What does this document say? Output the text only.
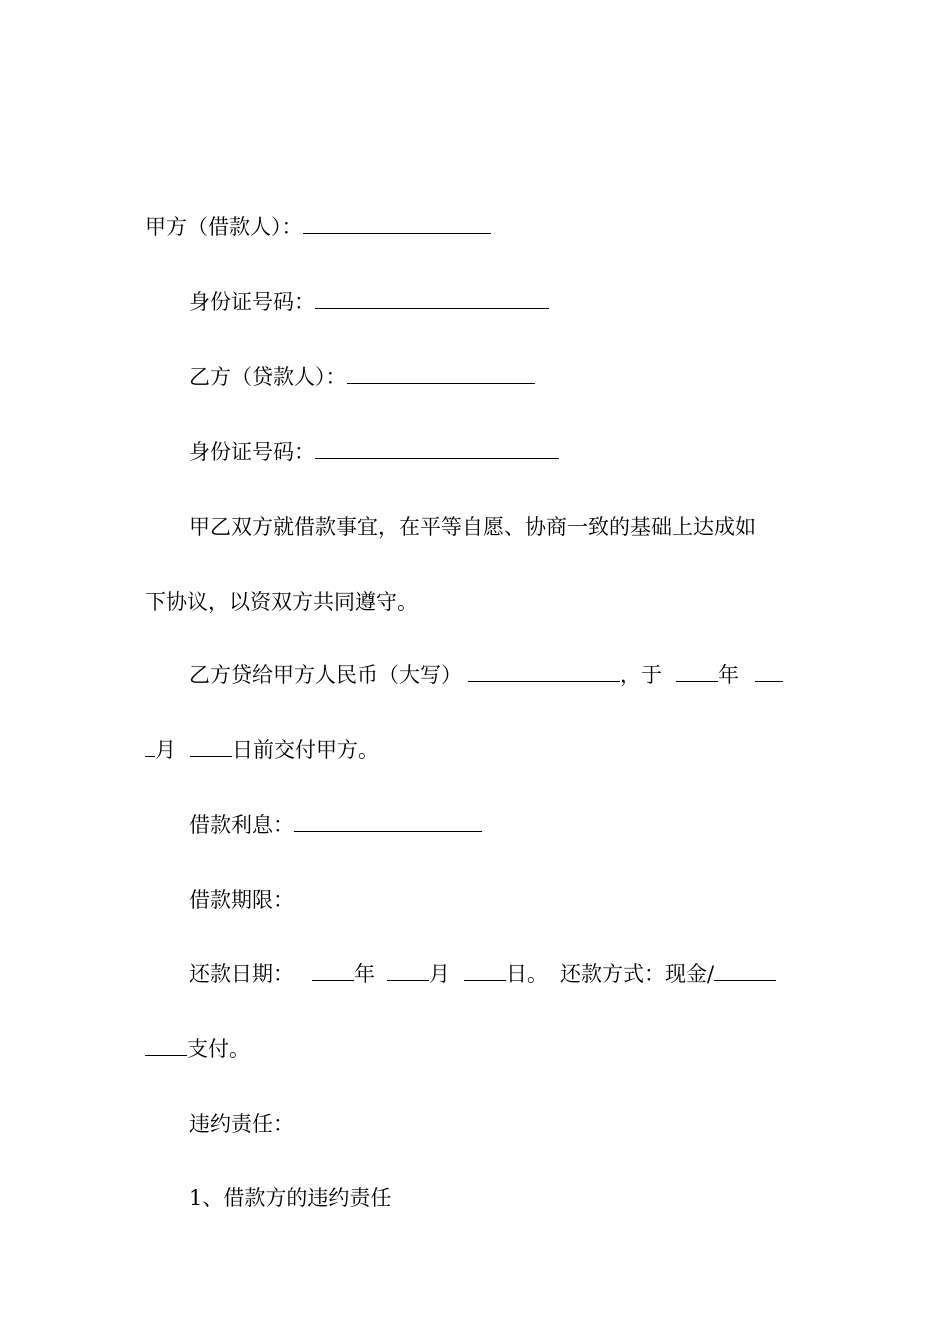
甲方（借款人）：
身份证号码：
乙方（贷款人）：
身份证号码：
甲乙双方就借款事宜，在平等自愿、协商一致的基础上达成如
下协议，以资双方共同遵守。
乙方贷给甲方人民币（大写）	，于	年
月	日前交付甲方。
借款利息：
借款期限：
还款日期：	年	月	日。 还款方式：现金/
支付。
违约责任：
1、借款方的违约责任
